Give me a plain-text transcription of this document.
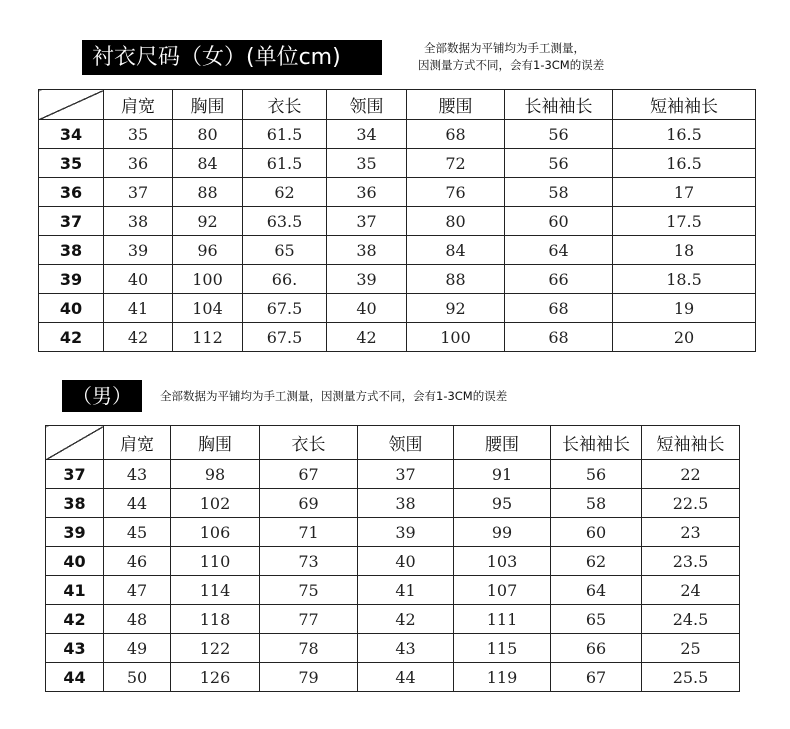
衬衣尺码（女）(单位cm)	全部数据为平铺均为手工测量，
因测量方式不同，会有1-3CM的误差
	肩宽	胸围	衣长	领围	腰围	长袖袖长	短袖袖长
34	35	80	61.5	34	68	56	16.5
35	36	84	61.5	35	72	56	16.5
36	37	88	62	36	76	58	17
37	38	92	63.5	37	80	60	17.5
38	39	96	65	38	84	64	18
39	40	100	66.	39	88	66	18.5
40	41	104	67.5	40	92	68	19
42	42	112	67.5	42	100	68	20
（男）	全部数据为平铺均为手工测量，因测量方式不同，会有1-3CM的误差
	肩宽	胸围	衣长	领围	腰围	长袖袖长	短袖袖长
37	43	98	67	37	91	56	22
38	44	102	69	38	95	58	22.5
39	45	106	71	39	99	60	23
40	46	110	73	40	103	62	23.5
41	47	114	75	41	107	64	24
42	48	118	77	42	111	65	24.5
43	49	122	78	43	115	66	25
44	50	126	79	44	119	67	25.5
